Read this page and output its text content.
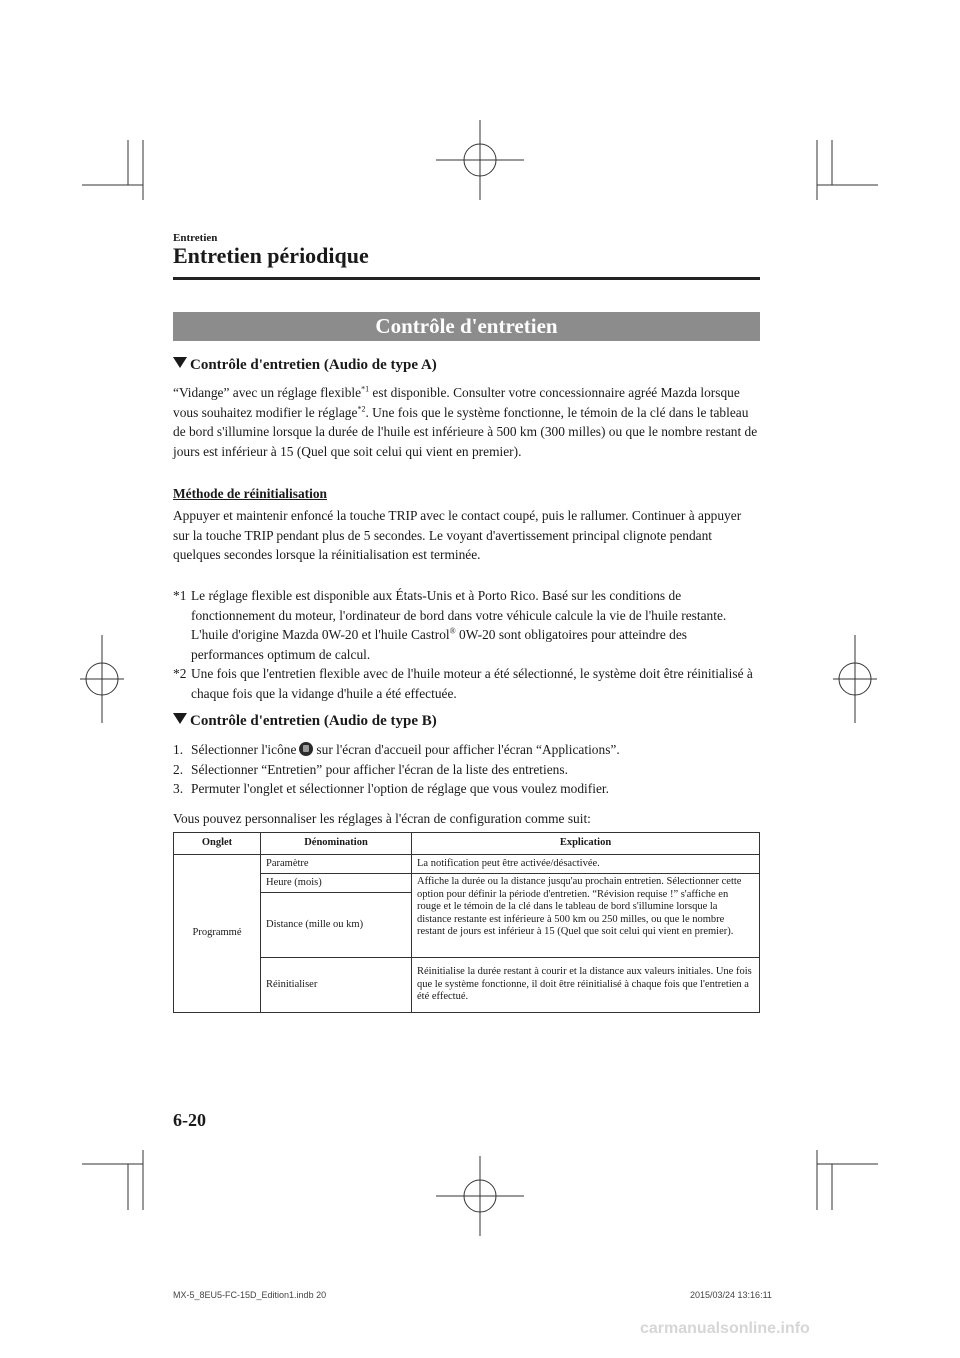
Entretien
Entretien périodique
Contrôle d'entretien
Contrôle d'entretien (Audio de type A)
“Vidange” avec un réglage flexible$^{*1}$ est disponible. Consulter votre concessionnaire agréé Mazda lorsque vous souhaitez modifier le réglage$^{*2}$. Une fois que le système fonctionne, le témoin de la clé dans le tableau de bord s'illumine lorsque la durée de l'huile est inférieure à 500 km (300 milles) ou que le nombre restant de jours est inférieur à 15 (Quel que soit celui qui vient en premier).
Méthode de réinitialisation
Appuyer et maintenir enfoncé la touche TRIP avec le contact coupé, puis le rallumer. Continuer à appuyer sur la touche TRIP pendant plus de 5 secondes. Le voyant d'avertissement principal clignote pendant quelques secondes lorsque la réinitialisation est terminée.
*1 Le réglage flexible est disponible aux États-Unis et à Porto Rico. Basé sur les conditions de fonctionnement du moteur, l'ordinateur de bord dans votre véhicule calcule la vie de l'huile restante. L'huile d'origine Mazda 0W-20 et l'huile Castrol® 0W-20 sont obligatoires pour atteindre des performances optimum de calcul.
*2 Une fois que l'entretien flexible avec de l'huile moteur a été sélectionné, le système doit être réinitialisé à chaque fois que la vidange d'huile a été effectuée.
Contrôle d'entretien (Audio de type B)
1. Sélectionner l'icône sur l'écran d'accueil pour afficher l'écran “Applications”.
2. Sélectionner “Entretien” pour afficher l'écran de la liste des entretiens.
3. Permuter l'onglet et sélectionner l'option de réglage que vous voulez modifier.
Vous pouvez personnaliser les réglages à l'écran de configuration comme suit:
Onglet	Dénomination	Explication
Programmé	Paramètre	La notification peut être activée/désactivée.
	Heure (mois)	Affiche la durée ou la distance jusqu'au prochain entretien. Sélectionner cette option pour définir la période d'entretien. “Révision requise !” s'affiche en rouge et le témoin de la clé dans le tableau de bord s'illumine lorsque la distance restante est inférieure à 500 km ou 250 milles, ou que le nombre restant de jours est inférieur à 15 (Quel que soit celui qui vient en premier).
	Distance (mille ou km)	
	Réinitialiser	Réinitialise la durée restant à courir et la distance aux valeurs initiales. Une fois que le système fonctionne, il doit être réinitialisé à chaque fois que l'entretien a été effectué.
6-20
MX-5_8EU5-FC-15D_Edition1.indb 20	2015/03/24 13:16:11
carmanualsonline.info
